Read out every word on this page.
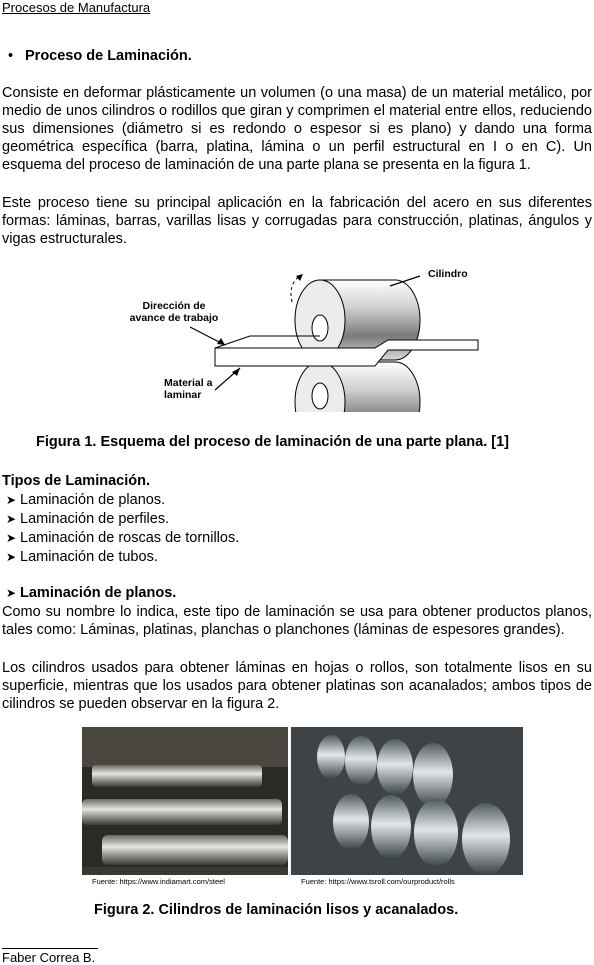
Procesos de Manufactura
• Proceso de Laminación.
Consiste en deformar plásticamente un volumen (o una masa) de un material metálico, por medio de unos cilindros o rodillos que giran y comprimen el material entre ellos, reduciendo sus dimensiones (diámetro si es redondo o espesor si es plano) y dando una forma geométrica específica (barra, platina, lámina o un perfil estructural en I o en C). Un esquema del proceso de laminación de una parte plana se presenta en la figura 1.
Este proceso tiene su principal aplicación en la fabricación del acero en sus diferentes formas: láminas, barras, varillas lisas y corrugadas para construcción, platinas, ángulos y vigas estructurales.
Cilindro
Dirección de avance de trabajo
Material a laminar
Figura 1. Esquema del proceso de laminación de una parte plana. [1]
Tipos de Laminación.
➤ Laminación de planos.
➤ Laminación de perfiles.
➤ Laminación de roscas de tornillos.
➤ Laminación de tubos.
➤ Laminación de planos.
Como su nombre lo indica, este tipo de laminación se usa para obtener productos planos, tales como: Láminas, platinas, planchas o planchones (láminas de espesores grandes).
Los cilindros usados para obtener láminas en hojas o rollos, son totalmente lisos en su superficie, mientras que los usados para obtener platinas son acanalados; ambos tipos de cilindros se pueden observar en la figura 2.
Fuente: https://www.indiamart.com/steel	Fuente: https://www.tsroll.com/ourproduct/rolls
Figura 2. Cilindros de laminación lisos y acanalados.
Faber Correa B.
